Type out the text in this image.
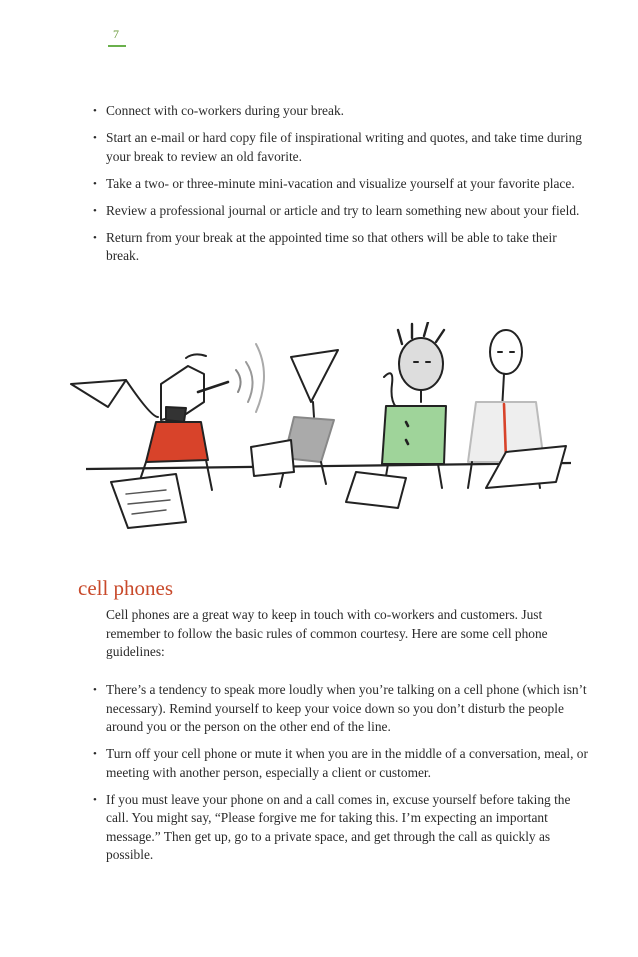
7
• Connect with co-workers during your break.
• Start an e-mail or hard copy file of inspirational writing and quotes, and take time during your break to review an old favorite.
• Take a two- or three-minute mini-vacation and visualize yourself at your favorite place.
• Review a professional journal or article and try to learn something new about your field.
• Return from your break at the appointed time so that others will be able to take their break.
cell phones

Cell phones are a great way to keep in touch with co-workers and customers. Just remember to follow the basic rules of common courtesy. Here are some cell phone guidelines:

• There’s a tendency to speak more loudly when you’re talking on a cell phone (which isn’t necessary). Remind yourself to keep your voice down so you don’t disturb the people around you or the person on the other end of the line.
• Turn off your cell phone or mute it when you are in the middle of a conversation, meal, or meeting with another person, especially a client or customer.
• If you must leave your phone on and a call comes in, excuse yourself before taking the call. You might say, “Please forgive me for taking this. I’m expecting an important message.” Then get up, go to a private space, and get through the call as quickly as possible.
